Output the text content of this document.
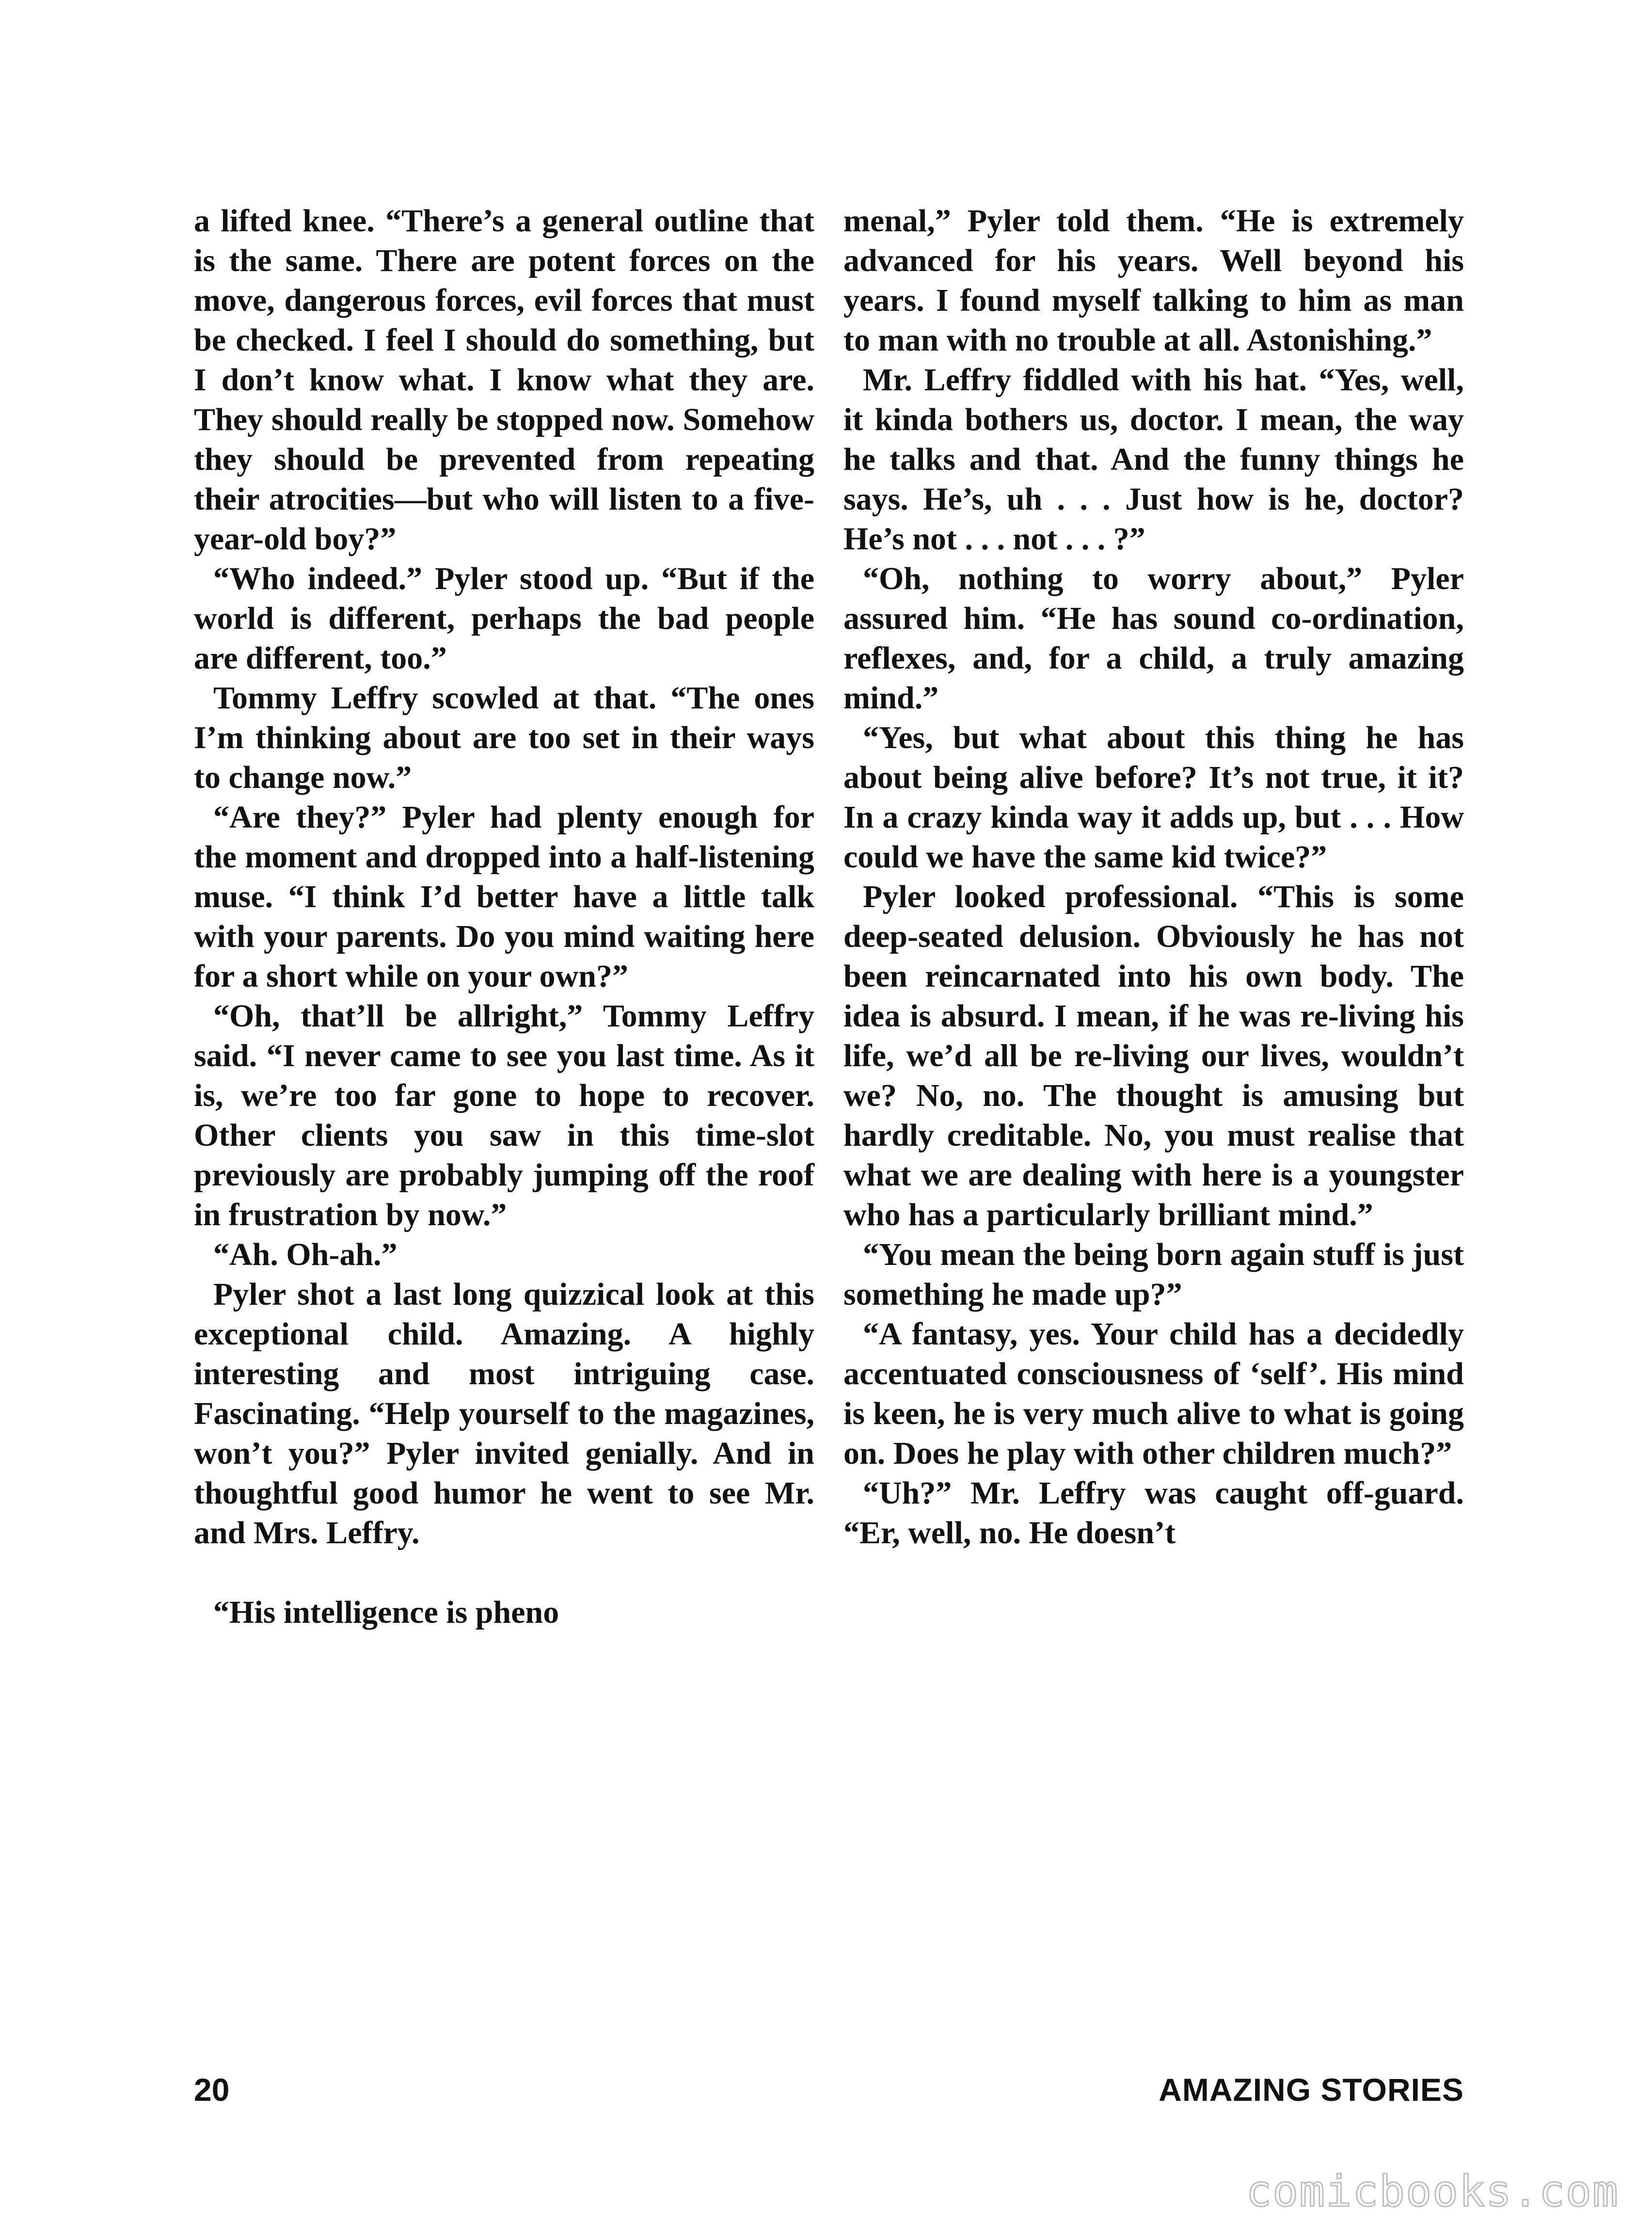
a lifted knee. “There’s a general outline that is the same. There are potent forces on the move, dangerous forces, evil forces that must be checked. I feel I should do something, but I don’t know what. I know what they are. They should really be stopped now. Somehow they should be prevented from repeating their atrocities—but who will listen to a five-year-old boy?”

“Who indeed.” Pyler stood up. “But if the world is different, perhaps the bad people are different, too.”

Tommy Leffry scowled at that. “The ones I’m thinking about are too set in their ways to change now.”

“Are they?” Pyler had plenty enough for the moment and dropped into a half-listening muse. “I think I’d better have a little talk with your parents. Do you mind waiting here for a short while on your own?”

“Oh, that’ll be allright,” Tommy Leffry said. “I never came to see you last time. As it is, we’re too far gone to hope to recover. Other clients you saw in this time-slot previously are probably jumping off the roof in frustration by now.”

“Ah. Oh-ah.”

Pyler shot a last long quizzical look at this exceptional child. Amazing. A highly interesting and most intriguing case. Fascinating. “Help yourself to the magazines, won’t you?” Pyler invited genially. And in thoughtful good humor he went to see Mr. and Mrs. Leffry.

“His intelligence is pheno

menal,” Pyler told them. “He is extremely advanced for his years. Well beyond his years. I found myself talking to him as man to man with no trouble at all. Astonishing.”

Mr. Leffry fiddled with his hat. “Yes, well, it kinda bothers us, doctor. I mean, the way he talks and that. And the funny things he says. He’s, uh . . . Just how is he, doctor? He’s not . . . not . . . ?”

“Oh, nothing to worry about,” Pyler assured him. “He has sound co-ordination, reflexes, and, for a child, a truly amazing mind.”

“Yes, but what about this thing he has about being alive before? It’s not true, it it? In a crazy kinda way it adds up, but . . . How could we have the same kid twice?”

Pyler looked professional. “This is some deep-seated delusion. Obviously he has not been reincarnated into his own body. The idea is absurd. I mean, if he was re-living his life, we’d all be re-living our lives, wouldn’t we? No, no. The thought is amusing but hardly creditable. No, you must realise that what we are dealing with here is a youngster who has a particularly brilliant mind.”

“You mean the being born again stuff is just something he made up?”

“A fantasy, yes. Your child has a decidedly accentuated consciousness of ‘self’. His mind is keen, he is very much alive to what is going on. Does he play with other children much?”

“Uh?” Mr. Leffry was caught off-guard. “Er, well, no. He doesn’t

20	AMAZING STORIES
comicbooks.com
